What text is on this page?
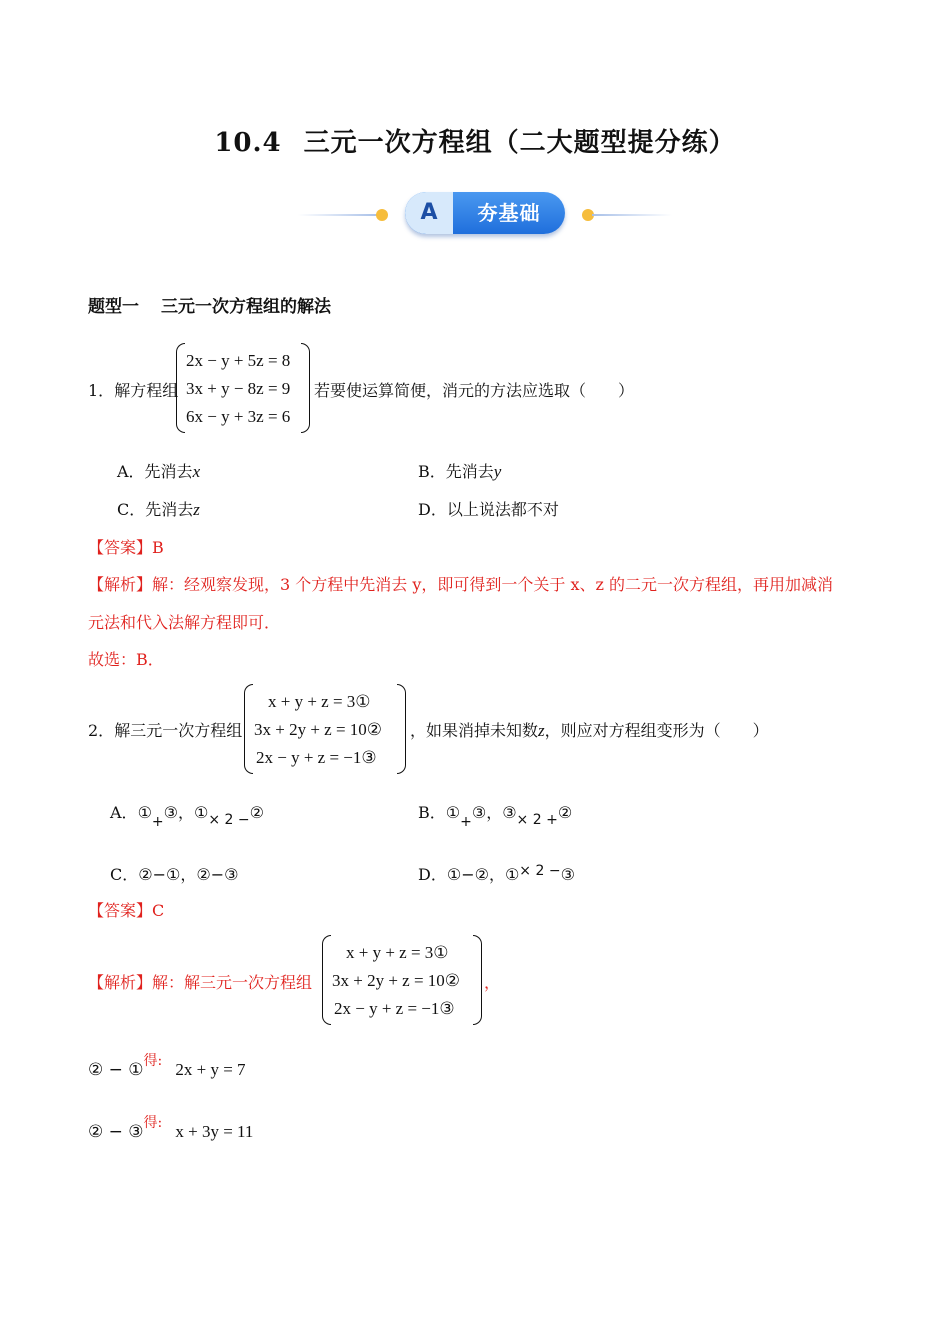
10.4 三元一次方程组（二大题型提分练）
A	夯基础
题型一 三元一次方程组的解法
1．解方程组
2x − y + 5z = 8
3x + y − 8z = 9
6x − y + 3z = 6
若要使运算简便，消元的方法应选取（　　）
A．先消去x	B．先消去y
C．先消去z	D．以上说法都不对
【答案】B
【解析】解：经观察发现，3 个方程中先消去 y，即可得到一个关于 x、z 的二元一次方程组，再用加减消
元法和代入法解方程即可．
故选：B．
2．解三元一次方程组
x + y + z = 3①
3x + 2y + z = 10②
2x − y + z = −1③
，如果消掉未知数z，则应对方程组变形为（　　）
A．①+③，①× 2 −②	B．①+③，③× 2 +②
C．②−①，②−③	D．①−②，①× 2 −③
【答案】C
【解析】解：解三元一次方程组
x + y + z = 3①
3x + 2y + z = 10②
2x − y + z = −1③
，
② − ①得: 2x + y = 7
② − ③得: x + 3y = 11
